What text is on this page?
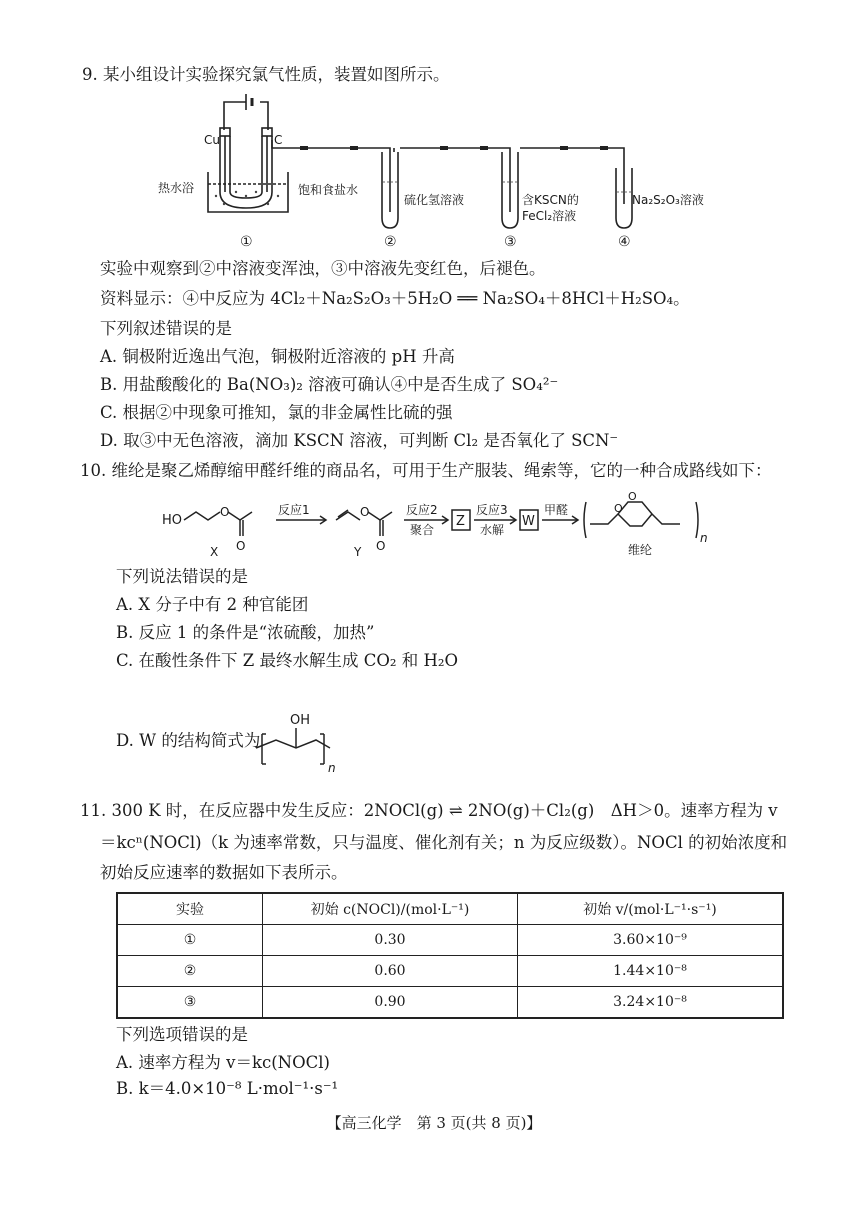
9. 某小组设计实验探究氯气性质，装置如图所示。
Cu	C
热水浴	饱和食盐水
硫化氢溶液	含KSCN的
FeCl₂溶液
Na₂S₂O₃溶液
①	②	③	④
实验中观察到②中溶液变浑浊，③中溶液先变红色，后褪色。
资料显示：④中反应为 4Cl₂＋Na₂S₂O₃＋5H₂O ══ Na₂SO₄＋8HCl＋H₂SO₄。
下列叙述错误的是
A. 铜极附近逸出气泡，铜极附近溶液的 pH 升高
B. 用盐酸酸化的 Ba(NO₃)₂ 溶液可确认④中是否生成了 SO₄²⁻
C. 根据②中现象可推知，氯的非金属性比硫的强
D. 取③中无色溶液，滴加 KSCN 溶液，可判断 Cl₂ 是否氧化了 SCN⁻
10. 维纶是聚乙烯醇缩甲醛纤维的商品名，可用于生产服装、绳索等，它的一种合成路线如下：
HO
O
O
X
反应1	O
O
Y
反应2
聚合
Z
反应3
水解
W
甲醛
O
O
维纶
n
下列说法错误的是
A. X 分子中有 2 种官能团
B. 反应 1 的条件是“浓硫酸，加热”
C. 在酸性条件下 Z 最终水解生成 CO₂ 和 H₂O
D. W 的结构简式为
OH
n
11. 300 K 时，在反应器中发生反应：2NOCl(g) ⇌ 2NO(g)＋Cl₂(g)　ΔH＞0。速率方程为 v
＝kcⁿ(NOCl)（k 为速率常数，只与温度、催化剂有关；n 为反应级数）。NOCl 的初始浓度和
初始反应速率的数据如下表所示。
实验	初始 c(NOCl)/(mol·L⁻¹)	初始 v/(mol·L⁻¹·s⁻¹)
①	0.30	3.60×10⁻⁹
②	0.60	1.44×10⁻⁸
③	0.90	3.24×10⁻⁸
下列选项错误的是
A. 速率方程为 v＝kc(NOCl)
B. k＝4.0×10⁻⁸ L·mol⁻¹·s⁻¹
【高三化学　第 3 页(共 8 页)】
